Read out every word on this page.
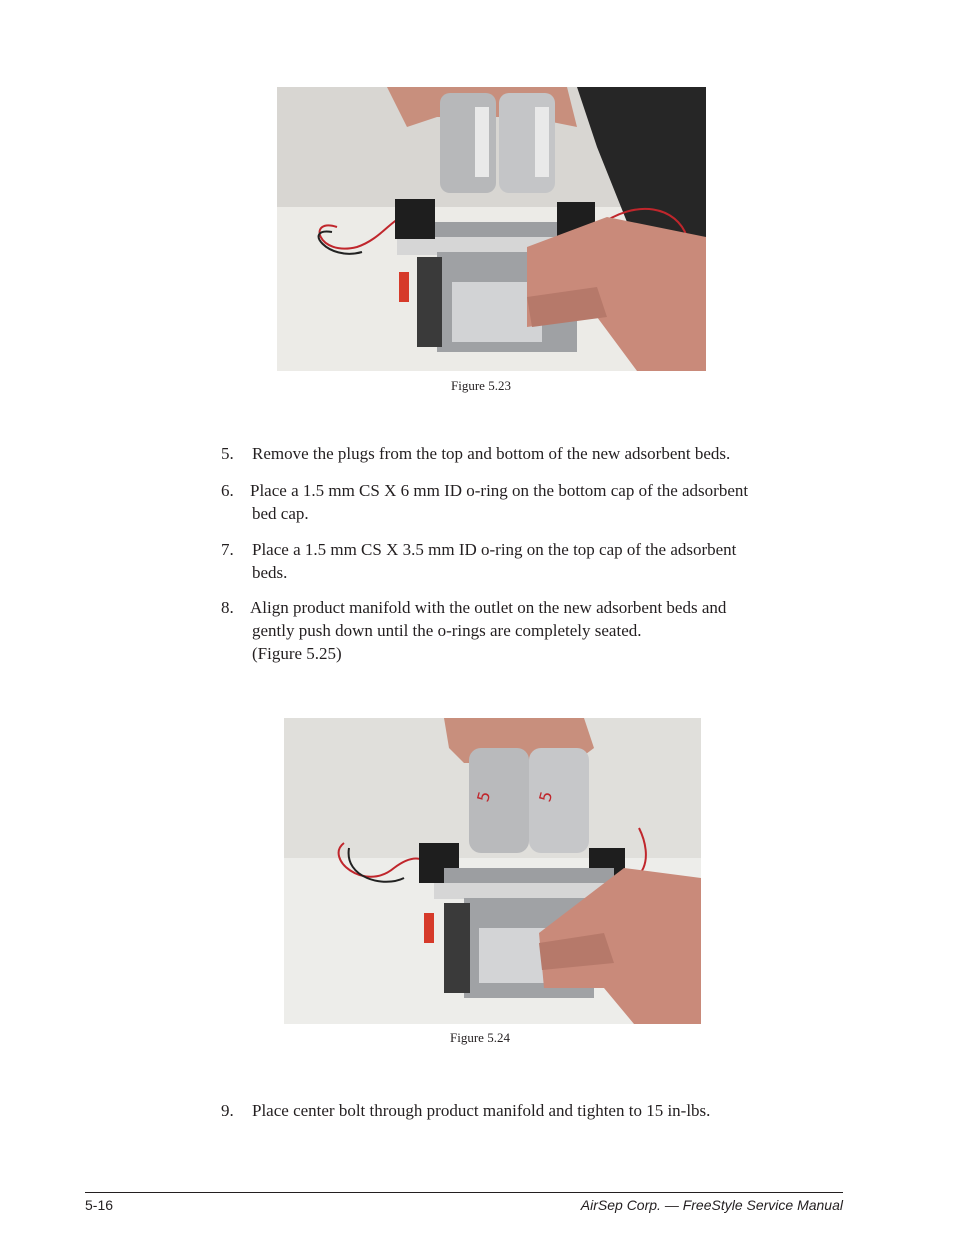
Figure 5.23
5. Remove the plugs from the top and bottom of the new adsorbent beds.
6. Place a 1.5 mm CS X 6 mm ID o-ring on the bottom cap of the adsorbent
bed cap.
7. Place a 1.5 mm CS X 3.5 mm ID o-ring on the top cap of the adsorbent
beds.
8. Align product manifold with the outlet on the new adsorbent beds and
gently push down until the o-rings are completely seated.
(Figure 5.25)
5	5
Figure 5.24
9. Place center bolt through product manifold and tighten to 15 in-lbs.
5-16	AirSep Corp. — FreeStyle Service Manual
